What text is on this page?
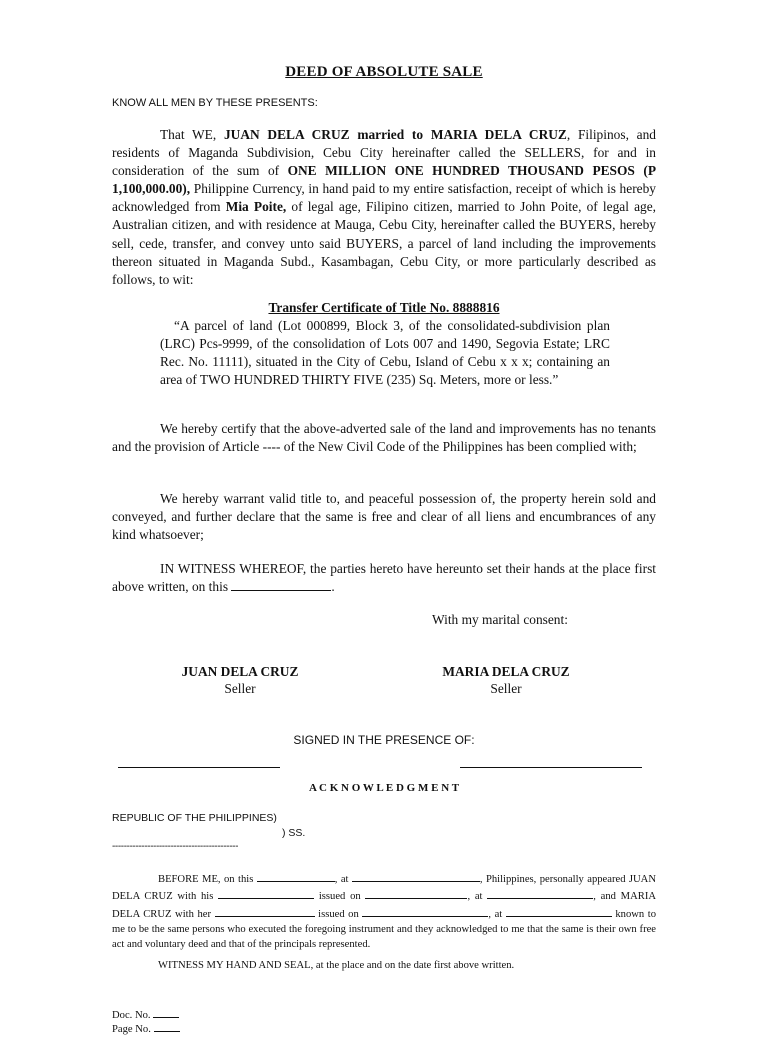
DEED OF ABSOLUTE SALE
KNOW ALL MEN BY THESE PRESENTS:
That WE, JUAN DELA CRUZ married to MARIA DELA CRUZ, Filipinos, and residents of Maganda Subdivision, Cebu City hereinafter called the SELLERS, for and in consideration of the sum of ONE MILLION ONE HUNDRED THOUSAND PESOS (P 1,100,000.00), Philippine Currency, in hand paid to my entire satisfaction, receipt of which is hereby acknowledged from Mia Poite, of legal age, Filipino citizen, married to John Poite, of legal age, Australian citizen, and with residence at Mauga, Cebu City, hereinafter called the BUYERS, hereby sell, cede, transfer, and convey unto said BUYERS, a parcel of land including the improvements thereon situated in Maganda Subd., Kasambagan, Cebu City, or more particularly described as follows, to wit:
Transfer Certificate of Title No. 8888816
“A parcel of land (Lot 000899, Block 3, of the consolidated-subdivision plan (LRC) Pcs-9999, of the consolidation of Lots 007 and 1490, Segovia Estate; LRC Rec. No. 11111), situated in the City of Cebu, Island of Cebu x x x; containing an area of TWO HUNDRED THIRTY FIVE (235) Sq. Meters, more or less.”
We hereby certify that the above-adverted sale of the land and improvements has no tenants and the provision of Article ---- of the New Civil Code of the Philippines has been complied with;
We hereby warrant valid title to, and peaceful possession of, the property herein sold and conveyed, and further declare that the same is free and clear of all liens and encumbrances of any kind whatsoever;
IN WITNESS WHEREOF, the parties hereto have hereunto set their hands at the place first above written, on this	.
With my marital consent:
JUAN DELA CRUZ
Seller
MARIA DELA CRUZ
Seller
SIGNED IN THE PRESENCE OF:
A C K N O W L E D G M E N T
REPUBLIC OF THE PHILIPPINES)
) SS.
-------------------------------------------
BEFORE ME, on this	, at	, Philippines, personally appeared JUAN DELA CRUZ with his	issued on	, at	, and MARIA DELA CRUZ with her	issued on	, at	known to me to be the same persons who executed the foregoing instrument and they acknowledged to me that the same is their own free act and voluntary deed and that of the principals represented.
WITNESS MY HAND AND SEAL, at the place and on the date first above written.
Doc. No.
Page No.
